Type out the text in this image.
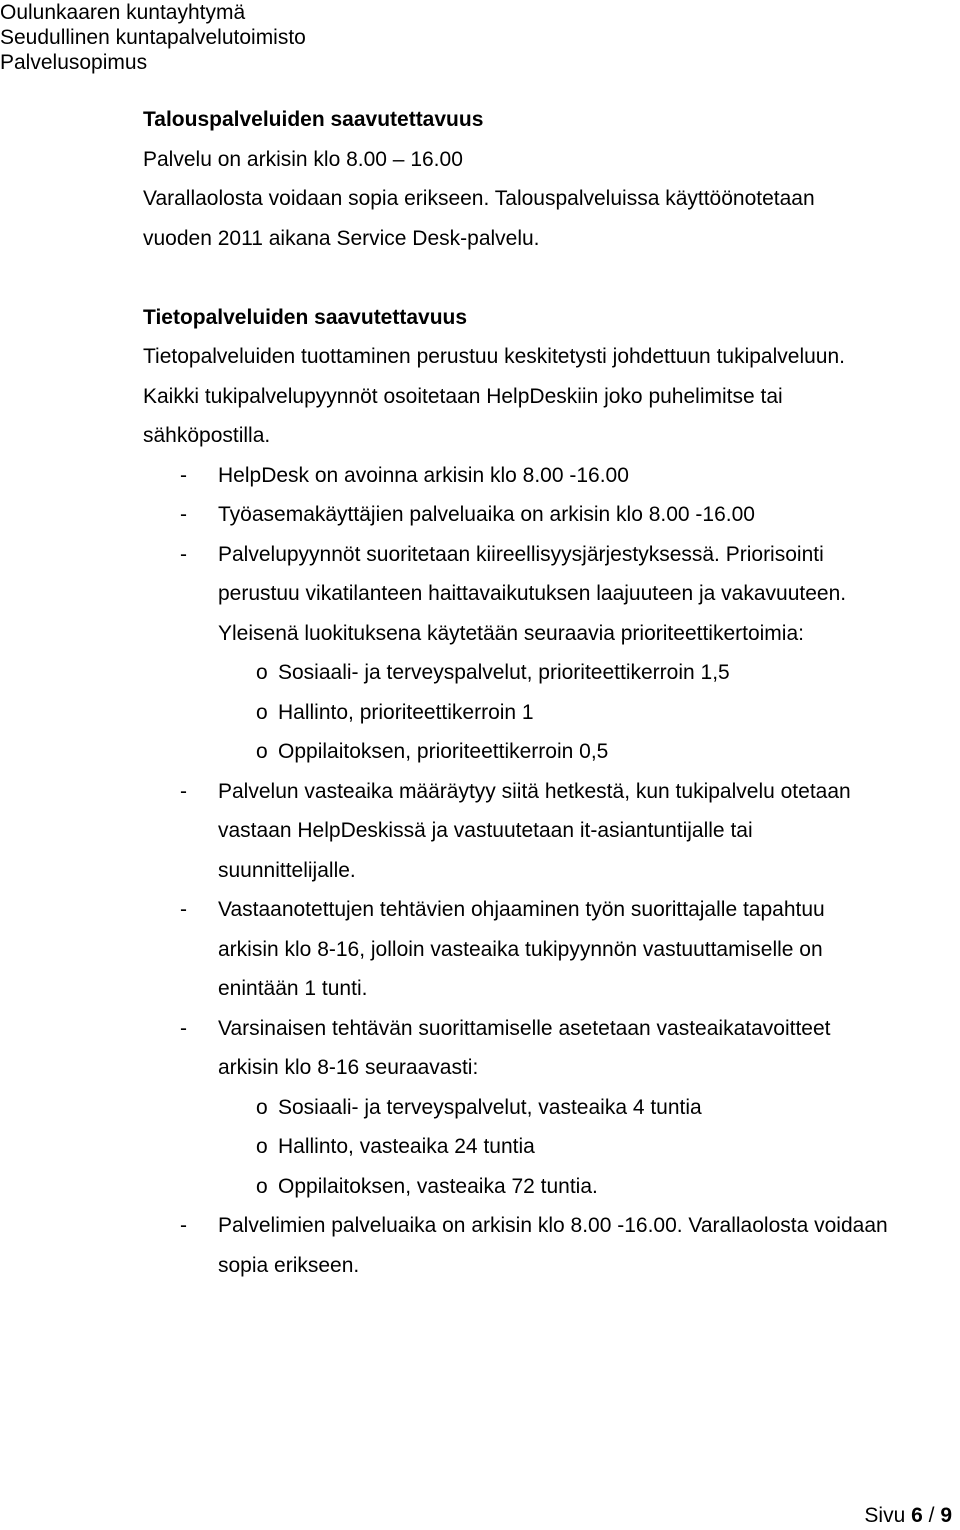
Oulunkaaren kuntayhtymä
Seudullinen kuntapalvelutoimisto
Palvelusopimus

Talouspalveluiden saavutettavuus

Palvelu on arkisin klo 8.00 – 16.00

Varallaolosta voidaan sopia erikseen. Talouspalveluissa käyttöönotetaan

vuoden 2011 aikana Service Desk-palvelu.

Tietopalveluiden saavutettavuus

Tietopalveluiden tuottaminen perustuu keskitetysti johdettuun tukipalveluun.

Kaikki tukipalvelupyynnöt osoitetaan HelpDeskiin joko puhelimitse tai

sähköpostilla.

- HelpDesk on avoinna arkisin klo 8.00 -16.00
- Työasemakäyttäjien palveluaika on arkisin klo 8.00 -16.00
- Palvelupyynnöt suoritetaan kiireellisyysjärjestyksessä. Priorisointi
perustuu vikatilanteen haittavaikutuksen laajuuteen ja vakavuuteen.
Yleisenä luokituksena käytetään seuraavia prioriteettikertoimia:
o Sosiaali- ja terveyspalvelut, prioriteettikerroin 1,5
o Hallinto, prioriteettikerroin 1
o Oppilaitoksen, prioriteettikerroin 0,5
- Palvelun vasteaika määräytyy siitä hetkestä, kun tukipalvelu otetaan
vastaan HelpDeskissä ja vastuutetaan it-asiantuntijalle tai
suunnittelijalle.
- Vastaanotettujen tehtävien ohjaaminen työn suorittajalle tapahtuu
arkisin klo 8-16, jolloin vasteaika tukipyynnön vastuuttamiselle on
enintään 1 tunti.
- Varsinaisen tehtävän suorittamiselle asetetaan vasteaikatavoitteet
arkisin klo 8-16 seuraavasti:
o Sosiaali- ja terveyspalvelut, vasteaika 4 tuntia
o Hallinto, vasteaika 24 tuntia
o Oppilaitoksen, vasteaika 72 tuntia.
- Palvelimien palveluaika on arkisin klo 8.00 -16.00. Varallaolosta voidaan
sopia erikseen.
Sivu 6 / 9
